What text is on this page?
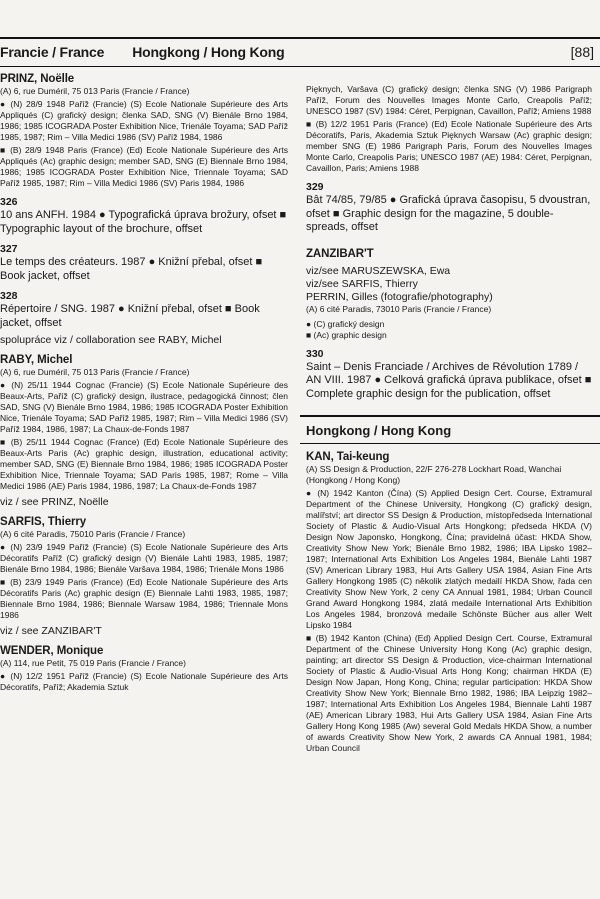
Francie / France Hongkong / Hong Kong	[88]
PRINZ, Noëlle
(A) 6, rue Duméril, 75 013 Paris (Francie / France)
● (N) 28/9 1948 Paříž (Francie) (S) Ecole Nationale Supérieure des Arts Appliqués (C) grafický design; členka SAD, SNG (V) Bienále Brno 1984, 1986; 1985 ICOGRADA Poster Exhibition Nice, Trienále Toyama; SAD Paříž 1985, 1987; Rim – Villa Medici 1986 (SV) Paříž 1984, 1986
■ (B) 28/9 1948 Paris (France) (Ed) Ecole Nationale Supérieure des Arts Appliqués (Ac) graphic design; member SAD, SNG (E) Biennale Brno 1984, 1986; 1985 ICOGRADA Poster Exhibition Nice, Triennale Toyama; SAD Paříž 1985, 1987; Rim – Villa Medici 1986 (SV) Paris 1984, 1986
326
10 ans ANFH. 1984 ● Typografická úprava brožury, ofset ■ Typographic layout of the brochure, offset
327
Le temps des créateurs. 1987 ● Knižní přebal, ofset ■ Book jacket, offset
328
Répertoire / SNG. 1987 ● Knižní přebal, ofset ■ Book jacket, offset
spolupráce viz / collaboration see RABY, Michel
RABY, Michel
(A) 6, rue Duméril, 75 013 Paris (Francie / France)
● (N) 25/11 1944 Cognac (Francie) (S) Ecole Nationale Supérieure des Beaux-Arts, Paříž (C) grafický design, ilustrace, pedagogická činnost; člen SAD, SNG (V) Bienále Brno 1984, 1986; 1985 ICOGRADA Poster Exhibition Nice, Trienále Toyama; SAD Paříž 1985, 1987; Rim – Villa Medici 1986 (SV) Paříž 1984, 1986, 1987; La Chaux-de-Fonds 1987
■ (B) 25/11 1944 Cognac (France) (Ed) Ecole Nationale Supérieure des Beaux-Arts Paris (Ac) graphic design, illustration, educational activity; member SAD, SNG (E) Biennale Brno 1984, 1986; 1985 ICOGRADA Poster Exhibition Nice, Triennale Toyama; SAD Paris 1985, 1987; Rome – Villa Medici 1986 (AE) Paris 1984, 1986, 1987; La Chaux-de-Fonds 1987
viz / see PRINZ, Noëlle
SARFIS, Thierry
(A) 6 cité Paradis, 75010 Paris (Francie / France)
● (N) 23/9 1949 Paříž (Francie) (S) Ecole Nationale Supérieure des Arts Décoratifs Paříž (C) grafický design (V) Bienále Lahti 1983, 1985, 1987; Bienále Brno 1984, 1986; Bienále Varšava 1984, 1986; Trienále Mons 1986
■ (B) 23/9 1949 Paris (France) (Ed) Ecole Nationale Supérieure des Arts Décoratifs Paris (Ac) graphic design (E) Biennale Lahti 1983, 1985, 1987; Biennale Brno 1984, 1986; Biennale Warsaw 1984, 1986; Triennale Mons 1986
viz / see ZANZIBAR'T
WENDER, Monique
(A) 114, rue Petit, 75 019 Paris (Francie / France)
● (N) 12/2 1951 Paříž (Francie) (S) Ecole Nationale Supérieure des Arts Décoratifs, Paříž; Akademia Sztuk
Pięknych, Varšava (C) grafický design; členka SNG (V) 1986 Parigraph Paříž, Forum des Nouvelles Images Monte Carlo, Creapolis Paříž; UNESCO 1987 (SV) 1984: Céret, Perpignan, Cavaillon, Paříž; Amiens 1988
■ (B) 12/2 1951 Paris (France) (Ed) Ecole Nationale Supérieure des Arts Décoratifs, Paris, Akademia Sztuk Pięknych Warsaw (Ac) graphic design; member SNG (E) 1986 Parigraph Paris, Forum des Nouvelles Images Monte Carlo, Creapolis Paris; UNESCO 1987 (AE) 1984: Céret, Perpignan, Cavaillon, Paris; Amiens 1988
329
Bât 74/85, 79/85 ● Grafická úprava časopisu, 5 dvoustran, ofset ■ Graphic design for the magazine, 5 double-spreads, offset
ZANZIBAR'T
viz/see MARUSZEWSKA, Ewa
viz/see SARFIS, Thierry
PERRIN, Gilles (fotografie/photography)
(A) 6 cité Paradis, 73010 Paris (Francie / France)
● (C) grafický design
■ (Ac) graphic design
330
Saint – Denis Franciade / Archives de Révolution 1789 / AN VIII. 1987 ● Celková grafická úprava publikace, ofset ■ Complete graphic design for the publication, offset
Hongkong / Hong Kong
KAN, Tai-keung
(A) SS Design & Production, 22/F 276-278 Lockhart Road, Wanchai (Hongkong / Hong Kong)
● (N) 1942 Kanton (Čína) (S) Applied Design Cert. Course, Extramural Department of the Chinese University, Hongkong (C) grafický design, malířství; art director SS Design & Production, místopředseda International Society of Plastic & Audio-Visual Arts Hongkong; předseda HKDA (V) Design Now Japonsko, Hongkong, Čína; pravidelná účast: HKDA Show, Creativity Show New York; Bienále Brno 1982, 1986; IBA Lipsko 1982–1987; International Arts Exhibition Los Angeles 1984, Bienále Lahti 1987 (SV) American Library 1983, Hui Arts Gallery USA 1984, Asian Fine Arts Gallery Hongkong 1985 (C) několik zlatých medailí HKDA Show, řada cen Creativity Show New York, 2 ceny CA Annual 1981, 1984; Urban Council Grand Award Hongkong 1984, zlatá medaile International Arts Exhibition Los Angeles 1984, bronzová medaile Schönste Bücher aus aller Welt Lipsko 1984
■ (B) 1942 Kanton (China) (Ed) Applied Design Cert. Course, Extramural Department of the Chinese University Hong Kong (Ac) graphic design, painting; art director SS Design & Production, vice-chairman International Society of Plastic & Audio-Visual Arts Hong Kong; chairman HKDA (E) Design Now Japan, Hong Kong, China; regular participation: HKDA Show Creativity Show New York; Biennale Brno 1982, 1986; IBA Leipzig 1982–1987; International Arts Exhibition Los Angeles 1984, Biennale Lahti 1987 (AE) American Library 1983, Hui Arts Gallery USA 1984, Asian Fine Arts Gallery Hong Kong 1985 (Aw) several Gold Medals HKDA Show, a number of awards Creativity Show New York, 2 awards CA Annual 1981, 1984; Urban Council
